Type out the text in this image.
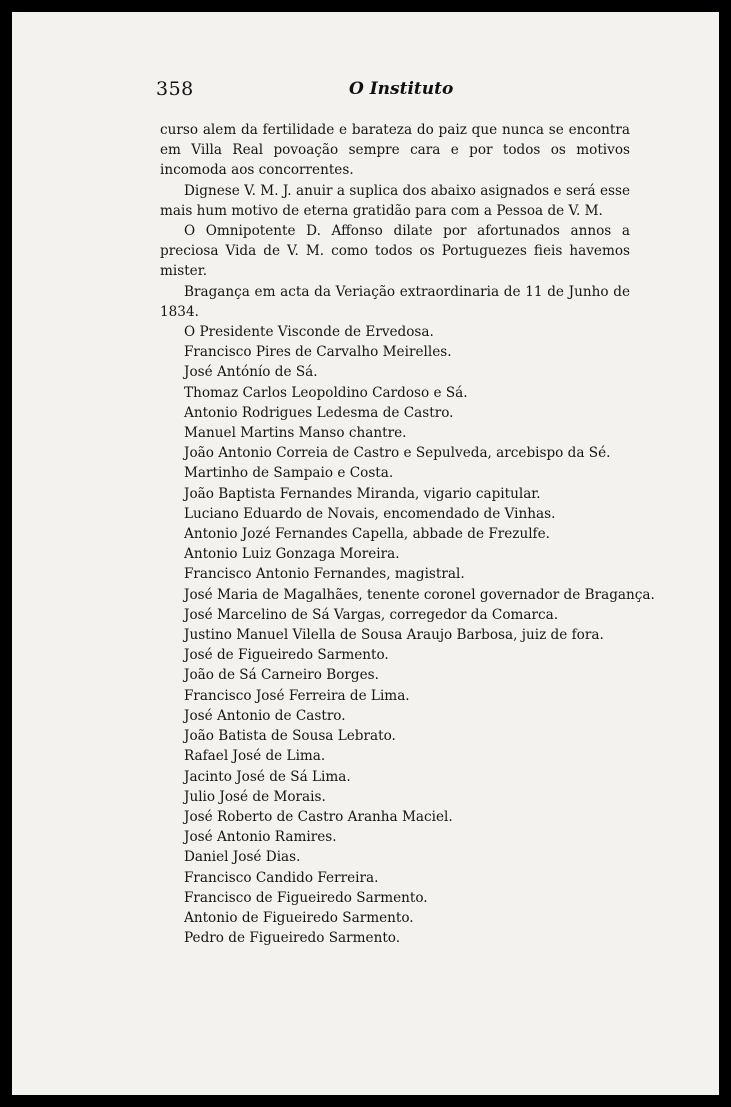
358	O Instituto

curso alem da fertilidade e barateza do paiz que nunca se encontra em Villa Real povoação sempre cara e por todos os motivos incomoda aos concorrentes.

Dignese V. M. J. anuir a suplica dos abaixo asignados e será esse mais hum motivo de eterna gratidão para com a Pessoa de V. M.

O Omnipotente D. Affonso dilate por afortunados annos a preciosa Vida de V. M. como todos os Portuguezes fieis havemos mister.

Bragança em acta da Veriação extraordinaria de 11 de Junho de 1834.

O Presidente Visconde de Ervedosa.
Francisco Pires de Carvalho Meirelles.
José Antónío de Sá.
Thomaz Carlos Leopoldino Cardoso e Sá.
Antonio Rodrigues Ledesma de Castro.
Manuel Martins Manso chantre.
João Antonio Correia de Castro e Sepulveda, arcebispo da Sé.
Martinho de Sampaio e Costa.
João Baptista Fernandes Miranda, vigario capitular.
Luciano Eduardo de Novais, encomendado de Vinhas.
Antonio Jozé Fernandes Capella, abbade de Frezulfe.
Antonio Luiz Gonzaga Moreira.
Francisco Antonio Fernandes, magistral.
José Maria de Magalhães, tenente coronel governador de Bragança.
José Marcelino de Sá Vargas, corregedor da Comarca.
Justino Manuel Vilella de Sousa Araujo Barbosa, juiz de fora.
José de Figueiredo Sarmento.
João de Sá Carneiro Borges.
Francisco José Ferreira de Lima.
José Antonio de Castro.
João Batista de Sousa Lebrato.
Rafael José de Lima.
Jacinto José de Sá Lima.
Julio José de Morais.
José Roberto de Castro Aranha Maciel.
José Antonio Ramires.
Daniel José Dias.
Francisco Candido Ferreira.
Francisco de Figueiredo Sarmento.
Antonio de Figueiredo Sarmento.
Pedro de Figueiredo Sarmento.
